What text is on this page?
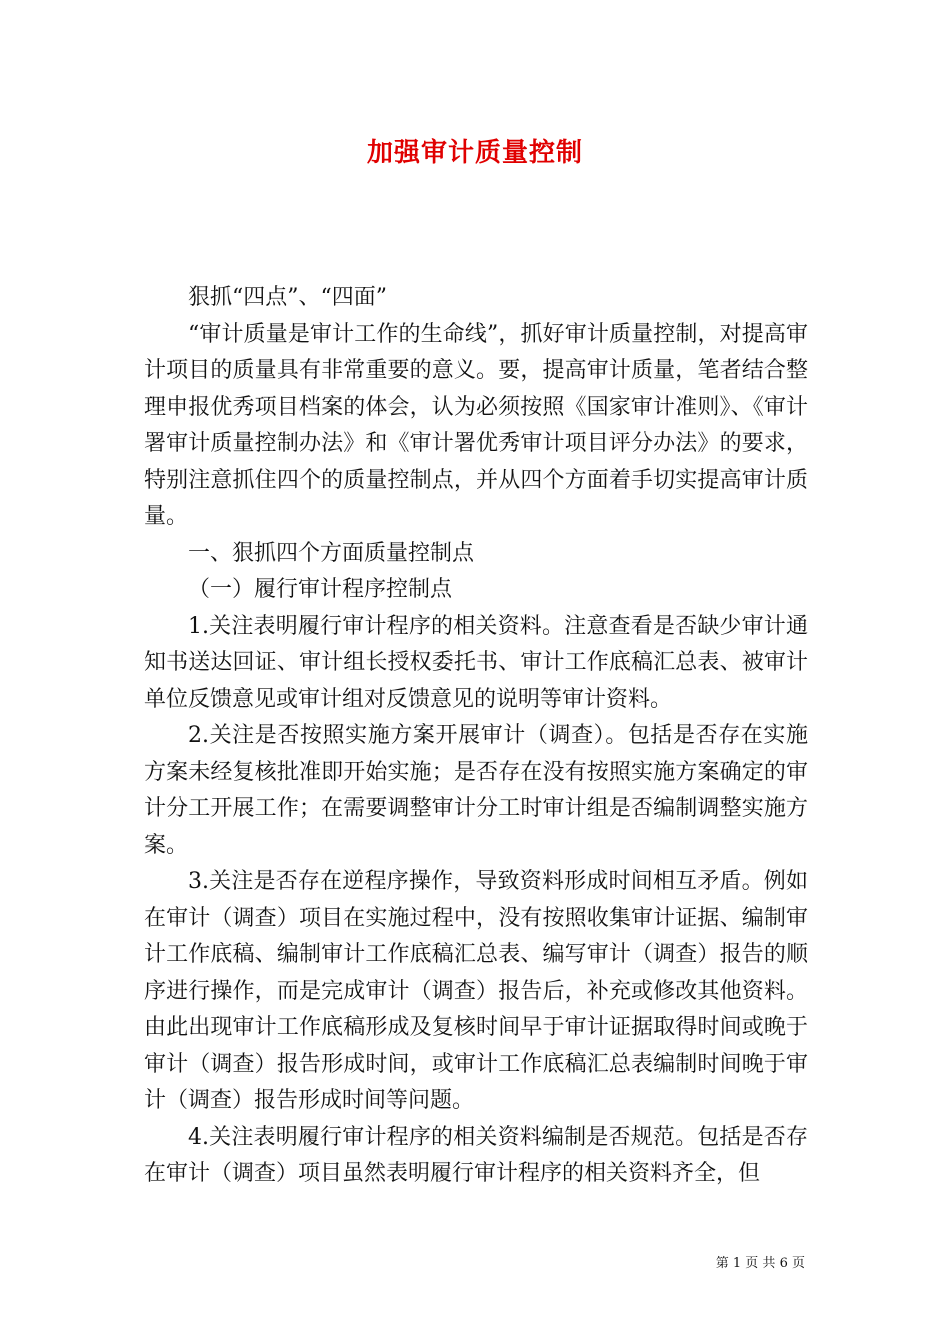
加强审计质量控制

狠抓“四点”、“四面”

“审计质量是审计工作的生命线”，抓好审计质量控制，对提高审计项目的质量具有非常重要的意义。要，提高审计质量，笔者结合整理申报优秀项目档案的体会，认为必须按照《国家审计准则》、《审计署审计质量控制办法》和《审计署优秀审计项目评分办法》的要求，特别注意抓住四个的质量控制点，并从四个方面着手切实提高审计质量。

一、狠抓四个方面质量控制点

（一）履行审计程序控制点

1.关注表明履行审计程序的相关资料。注意查看是否缺少审计通知书送达回证、审计组长授权委托书、审计工作底稿汇总表、被审计单位反馈意见或审计组对反馈意见的说明等审计资料。

2.关注是否按照实施方案开展审计（调查）。包括是否存在实施方案未经复核批准即开始实施；是否存在没有按照实施方案确定的审计分工开展工作；在需要调整审计分工时审计组是否编制调整实施方案。

3.关注是否存在逆程序操作，导致资料形成时间相互矛盾。例如在审计（调查）项目在实施过程中，没有按照收集审计证据、编制审计工作底稿、编制审计工作底稿汇总表、编写审计（调查）报告的顺序进行操作，而是完成审计（调查）报告后，补充或修改其他资料。由此出现审计工作底稿形成及复核时间早于审计证据取得时间或晚于审计（调查）报告形成时间，或审计工作底稿汇总表编制时间晚于审计（调查）报告形成时间等问题。

4.关注表明履行审计程序的相关资料编制是否规范。包括是否存在审计（调查）项目虽然表明履行审计程序的相关资料齐全，但

第 1 页 共 6 页
